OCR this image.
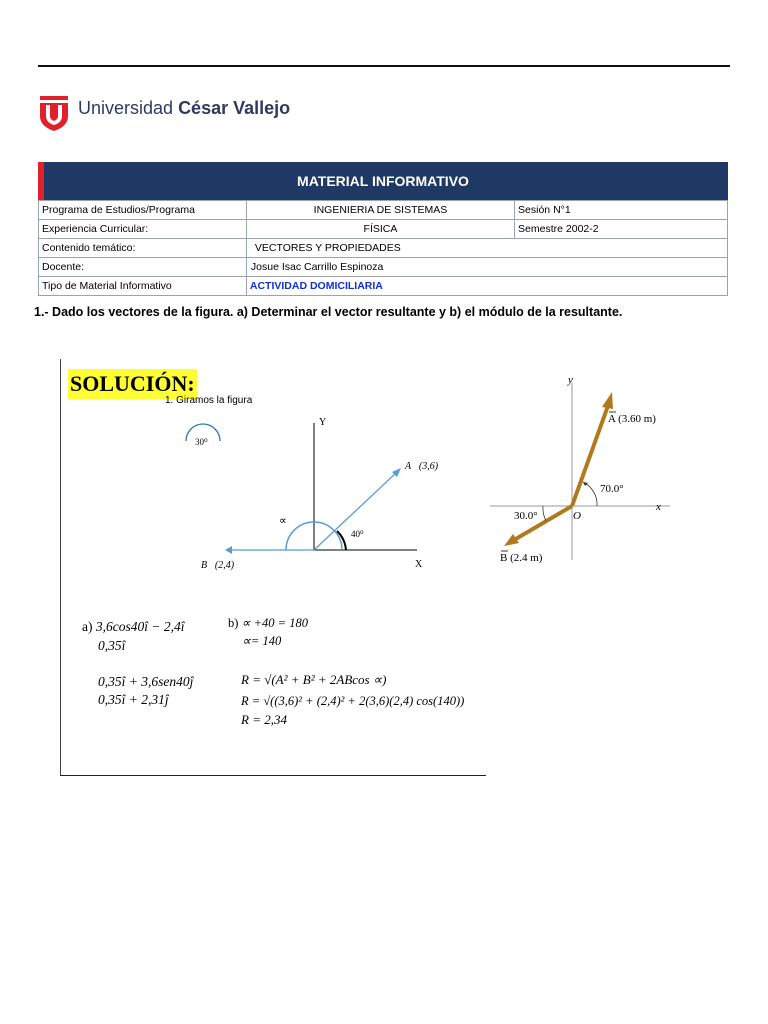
Universidad César Vallejo
MATERIAL INFORMATIVO
Programa de Estudios/Programa	INGENIERIA DE SISTEMAS	Sesión N°1
Experiencia Curricular:	FÍSICA	Semestre 2002-2
Contenido temático:	VECTORES Y PROPIEDADES	
Docente:	Josue Isac Carrillo Espinoza	
Tipo de Material Informativo	ACTIVIDAD DOMICILIARIA	
1.- Dado los vectores de la figura. a) Determinar el vector resultante y b) el módulo de la resultante.
SOLUCIÓN:
1. Giramos la figura
30⁰
Y
X
A⃗(3,6)
B⃗(2,4)
∝
40⁰
a) 3,6cos40î − 2,4î
0,35î
0,35î + 3,6sen40ĵ
0,35î + 2,31ĵ
b) ∝ +40 = 180
∝= 140
R = √(A² + B² + 2ABcos ∝)
R = √((3,6)² + (2,4)² + 2(3,6)(2,4) cos(140))
R = 2,34
y
x
O
70.0°
30.0°
A (3.60 m)
B (2.4 m)
